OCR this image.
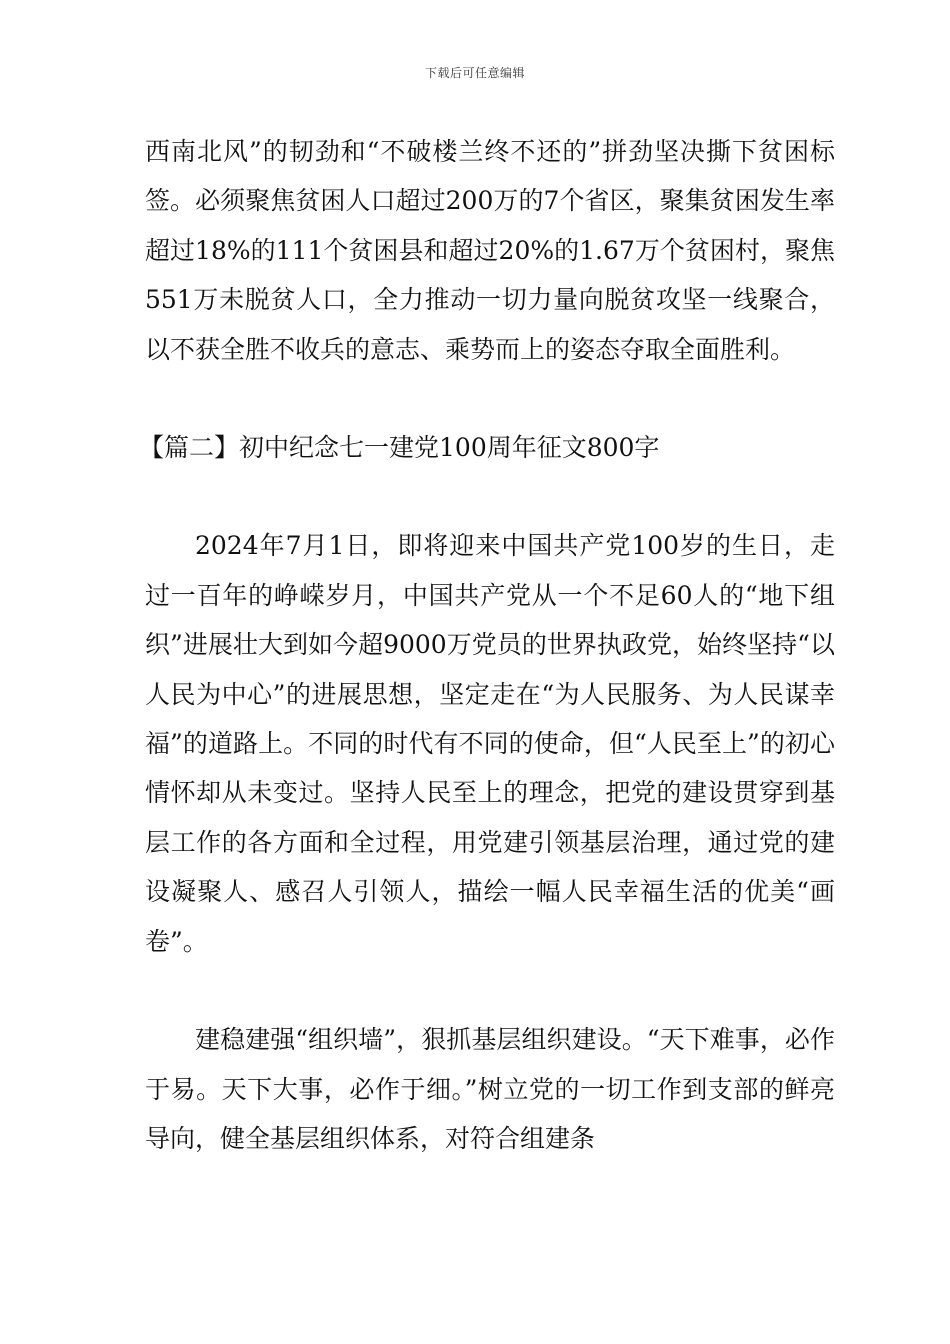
下载后可任意编辑

西南北风”的韧劲和“不破楼兰终不还的”拼劲坚决撕下贫困标签。必须聚焦贫困人口超过200万的7个省区，聚集贫困发生率超过18%的111个贫困县和超过20%的1.67万个贫困村，聚焦551万未脱贫人口，全力推动一切力量向脱贫攻坚一线聚合，以不获全胜不收兵的意志、乘势而上的姿态夺取全面胜利。

【篇二】初中纪念七一建党100周年征文800字

2024年7月1日，即将迎来中国共产党100岁的生日，走过一百年的峥嵘岁月，中国共产党从一个不足60人的“地下组织”进展壮大到如今超9000万党员的世界执政党，始终坚持“以人民为中心”的进展思想，坚定走在“为人民服务、为人民谋幸福”的道路上。不同的时代有不同的使命，但“人民至上”的初心情怀却从未变过。坚持人民至上的理念，把党的建设贯穿到基层工作的各方面和全过程，用党建引领基层治理，通过党的建设凝聚人、感召人引领人，描绘一幅人民幸福生活的优美“画卷”。

建稳建强“组织墙”，狠抓基层组织建设。“天下难事，必作于易。天下大事，必作于细。”树立党的一切工作到支部的鲜亮导向，健全基层组织体系，对符合组建条
